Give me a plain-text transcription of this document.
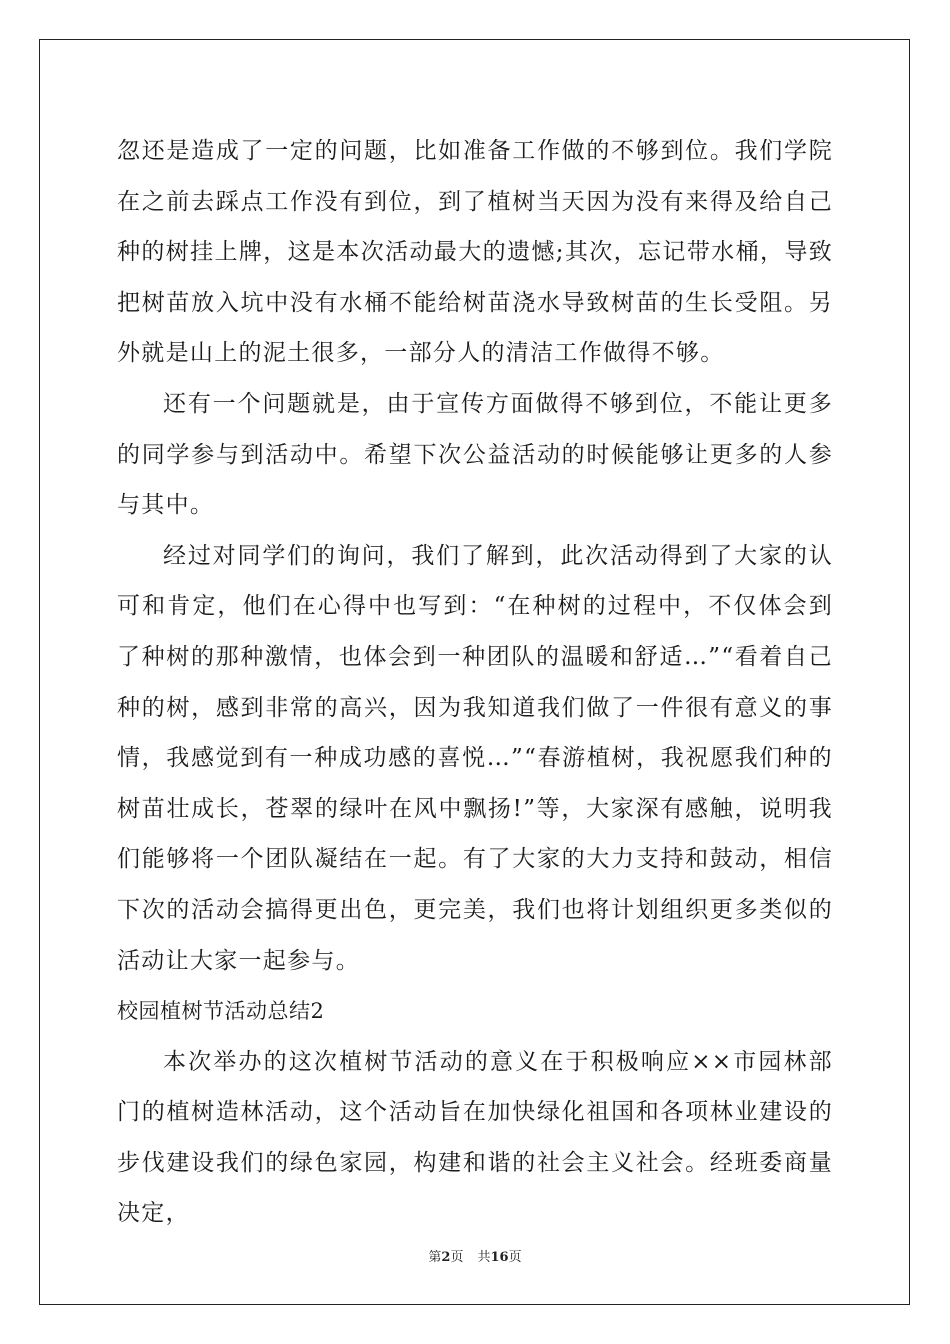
忽还是造成了一定的问题，比如准备工作做的不够到位。我们学院在之前去踩点工作没有到位，到了植树当天因为没有来得及给自己种的树挂上牌，这是本次活动最大的遗憾;其次，忘记带水桶，导致把树苗放入坑中没有水桶不能给树苗浇水导致树苗的生长受阻。另外就是山上的泥土很多，一部分人的清洁工作做得不够。

还有一个问题就是，由于宣传方面做得不够到位，不能让更多的同学参与到活动中。希望下次公益活动的时候能够让更多的人参与其中。

经过对同学们的询问，我们了解到，此次活动得到了大家的认可和肯定，他们在心得中也写到：“在种树的过程中，不仅体会到了种树的那种激情，也体会到一种团队的温暖和舒适…”“看着自己种的树，感到非常的高兴，因为我知道我们做了一件很有意义的事情，我感觉到有一种成功感的喜悦…”“春游植树，我祝愿我们种的树苗壮成长，苍翠的绿叶在风中飘扬!”等，大家深有感触，说明我们能够将一个团队凝结在一起。有了大家的大力支持和鼓动，相信下次的活动会搞得更出色，更完美，我们也将计划组织更多类似的活动让大家一起参与。

校园植树节活动总结2

本次举办的这次植树节活动的意义在于积极响应××市园林部门的植树造林活动，这个活动旨在加快绿化祖国和各项林业建设的步伐建设我们的绿色家园，构建和谐的社会主义社会。经班委商量决定，

第2页 共16页
